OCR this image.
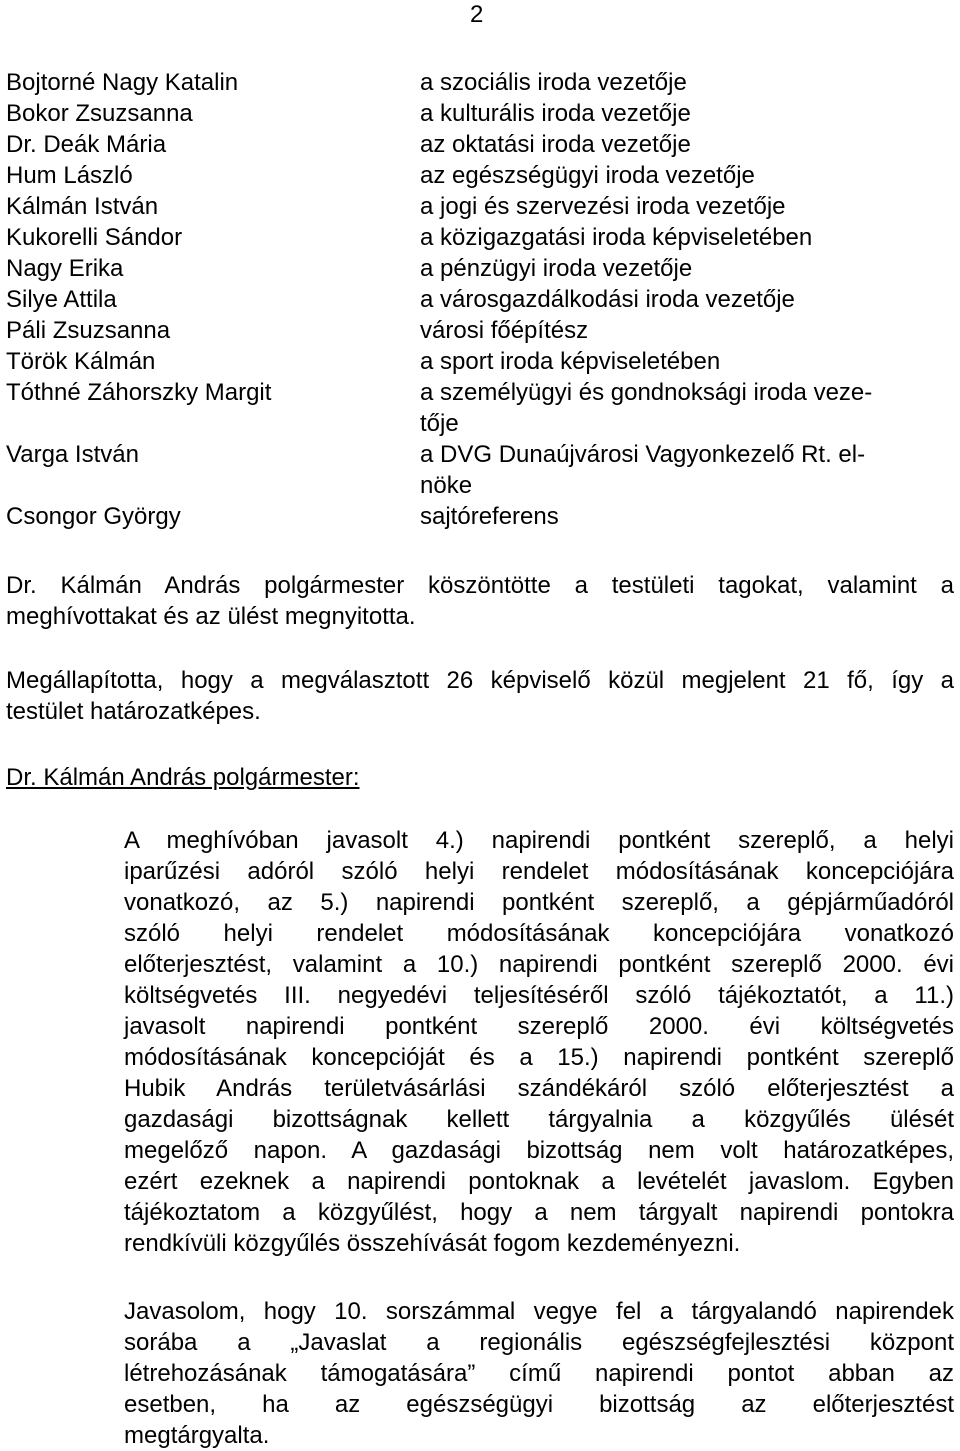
2
Bojtorné Nagy Katalin	a szociális iroda vezetője
Bokor Zsuzsanna	a kulturális iroda vezetője
Dr. Deák Mária	az oktatási iroda vezetője
Hum László	az egészségügyi iroda vezetője
Kálmán István	a jogi és szervezési iroda vezetője
Kukorelli Sándor	a közigazgatási iroda képviseletében
Nagy Erika	a pénzügyi iroda vezetője
Silye Attila	a városgazdálkodási iroda vezetője
Páli Zsuzsanna	városi főépítész
Török Kálmán	a sport iroda képviseletében
Tóthné Záhorszky Margit	a személyügyi és gondnoksági iroda veze-
tője
Varga István	a DVG Dunaújvárosi Vagyonkezelő Rt. el-
nöke
Csongor György	sajtóreferens
Dr. Kálmán András polgármester köszöntötte a testületi tagokat, valamint a
meghívottakat és az ülést megnyitotta.
Megállapította, hogy a megválasztott 26 képviselő közül megjelent 21 fő, így a
testület határozatképes.
Dr. Kálmán András polgármester:
A meghívóban javasolt 4.) napirendi pontként szereplő, a helyi
iparűzési adóról szóló helyi rendelet módosításának koncepciójára
vonatkozó, az 5.) napirendi pontként szereplő, a gépjárműadóról
szóló helyi rendelet módosításának koncepciójára vonatkozó
előterjesztést, valamint a 10.) napirendi pontként szereplő 2000. évi
költségvetés III. negyedévi teljesítéséről szóló tájékoztatót, a 11.)
javasolt napirendi pontként szereplő 2000. évi költségvetés
módosításának koncepcióját és a 15.) napirendi pontként szereplő
Hubik András területvásárlási szándékáról szóló előterjesztést a
gazdasági bizottságnak kellett tárgyalnia a közgyűlés ülését
megelőző napon. A gazdasági bizottság nem volt határozatképes,
ezért ezeknek a napirendi pontoknak a levételét javaslom. Egyben
tájékoztatom a közgyűlést, hogy a nem tárgyalt napirendi pontokra
rendkívüli közgyűlés összehívását fogom kezdeményezni.
Javasolom, hogy 10. sorszámmal vegye fel a tárgyalandó napirendek
sorába a „Javaslat a regionális egészségfejlesztési központ
létrehozásának támogatására” című napirendi pontot abban az
esetben, ha az egészségügyi bizottság az előterjesztést
megtárgyalta.
